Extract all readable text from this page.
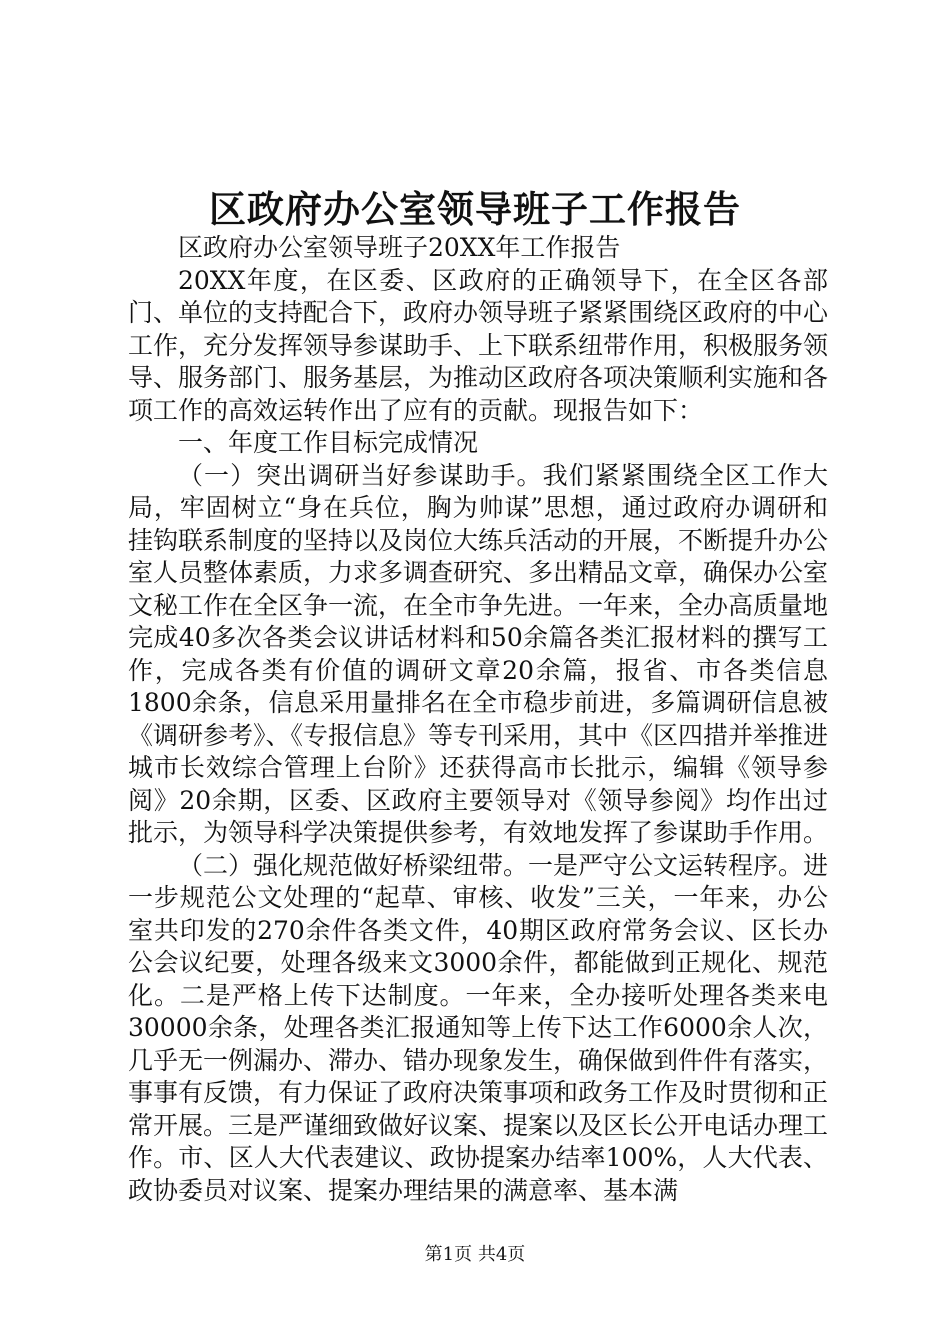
区政府办公室领导班子工作报告

区政府办公室领导班子20XX年工作报告

20XX年度，在区委、区政府的正确领导下，在全区各部门、单位的支持配合下，政府办领导班子紧紧围绕区政府的中心工作，充分发挥领导参谋助手、上下联系纽带作用，积极服务领导、服务部门、服务基层，为推动区政府各项决策顺利实施和各项工作的高效运转作出了应有的贡献。现报告如下：

一、年度工作目标完成情况

（一）突出调研当好参谋助手。我们紧紧围绕全区工作大局，牢固树立“身在兵位，胸为帅谋”思想，通过政府办调研和挂钩联系制度的坚持以及岗位大练兵活动的开展，不断提升办公室人员整体素质，力求多调查研究、多出精品文章，确保办公室文秘工作在全区争一流，在全市争先进。一年来，全办高质量地完成40多次各类会议讲话材料和50余篇各类汇报材料的撰写工作，完成各类有价值的调研文章20余篇，报省、市各类信息1800余条，信息采用量排名在全市稳步前进，多篇调研信息被《调研参考》、《专报信息》等专刊采用，其中《区四措并举推进城市长效综合管理上台阶》还获得高市长批示，编辑《领导参阅》20余期，区委、区政府主要领导对《领导参阅》均作出过批示，为领导科学决策提供参考，有效地发挥了参谋助手作用。

（二）强化规范做好桥梁纽带。一是严守公文运转程序。进一步规范公文处理的“起草、审核、收发”三关，一年来，办公室共印发的270余件各类文件，40期区政府常务会议、区长办公会议纪要，处理各级来文3000余件，都能做到正规化、规范化。二是严格上传下达制度。一年来，全办接听处理各类来电30000余条，处理各类汇报通知等上传下达工作6000余人次，几乎无一例漏办、滞办、错办现象发生，确保做到件件有落实，事事有反馈，有力保证了政府决策事项和政务工作及时贯彻和正常开展。三是严谨细致做好议案、提案以及区长公开电话办理工作。市、区人大代表建议、政协提案办结率100%，人大代表、政协委员对议案、提案办理结果的满意率、基本满

第1页 共4页
